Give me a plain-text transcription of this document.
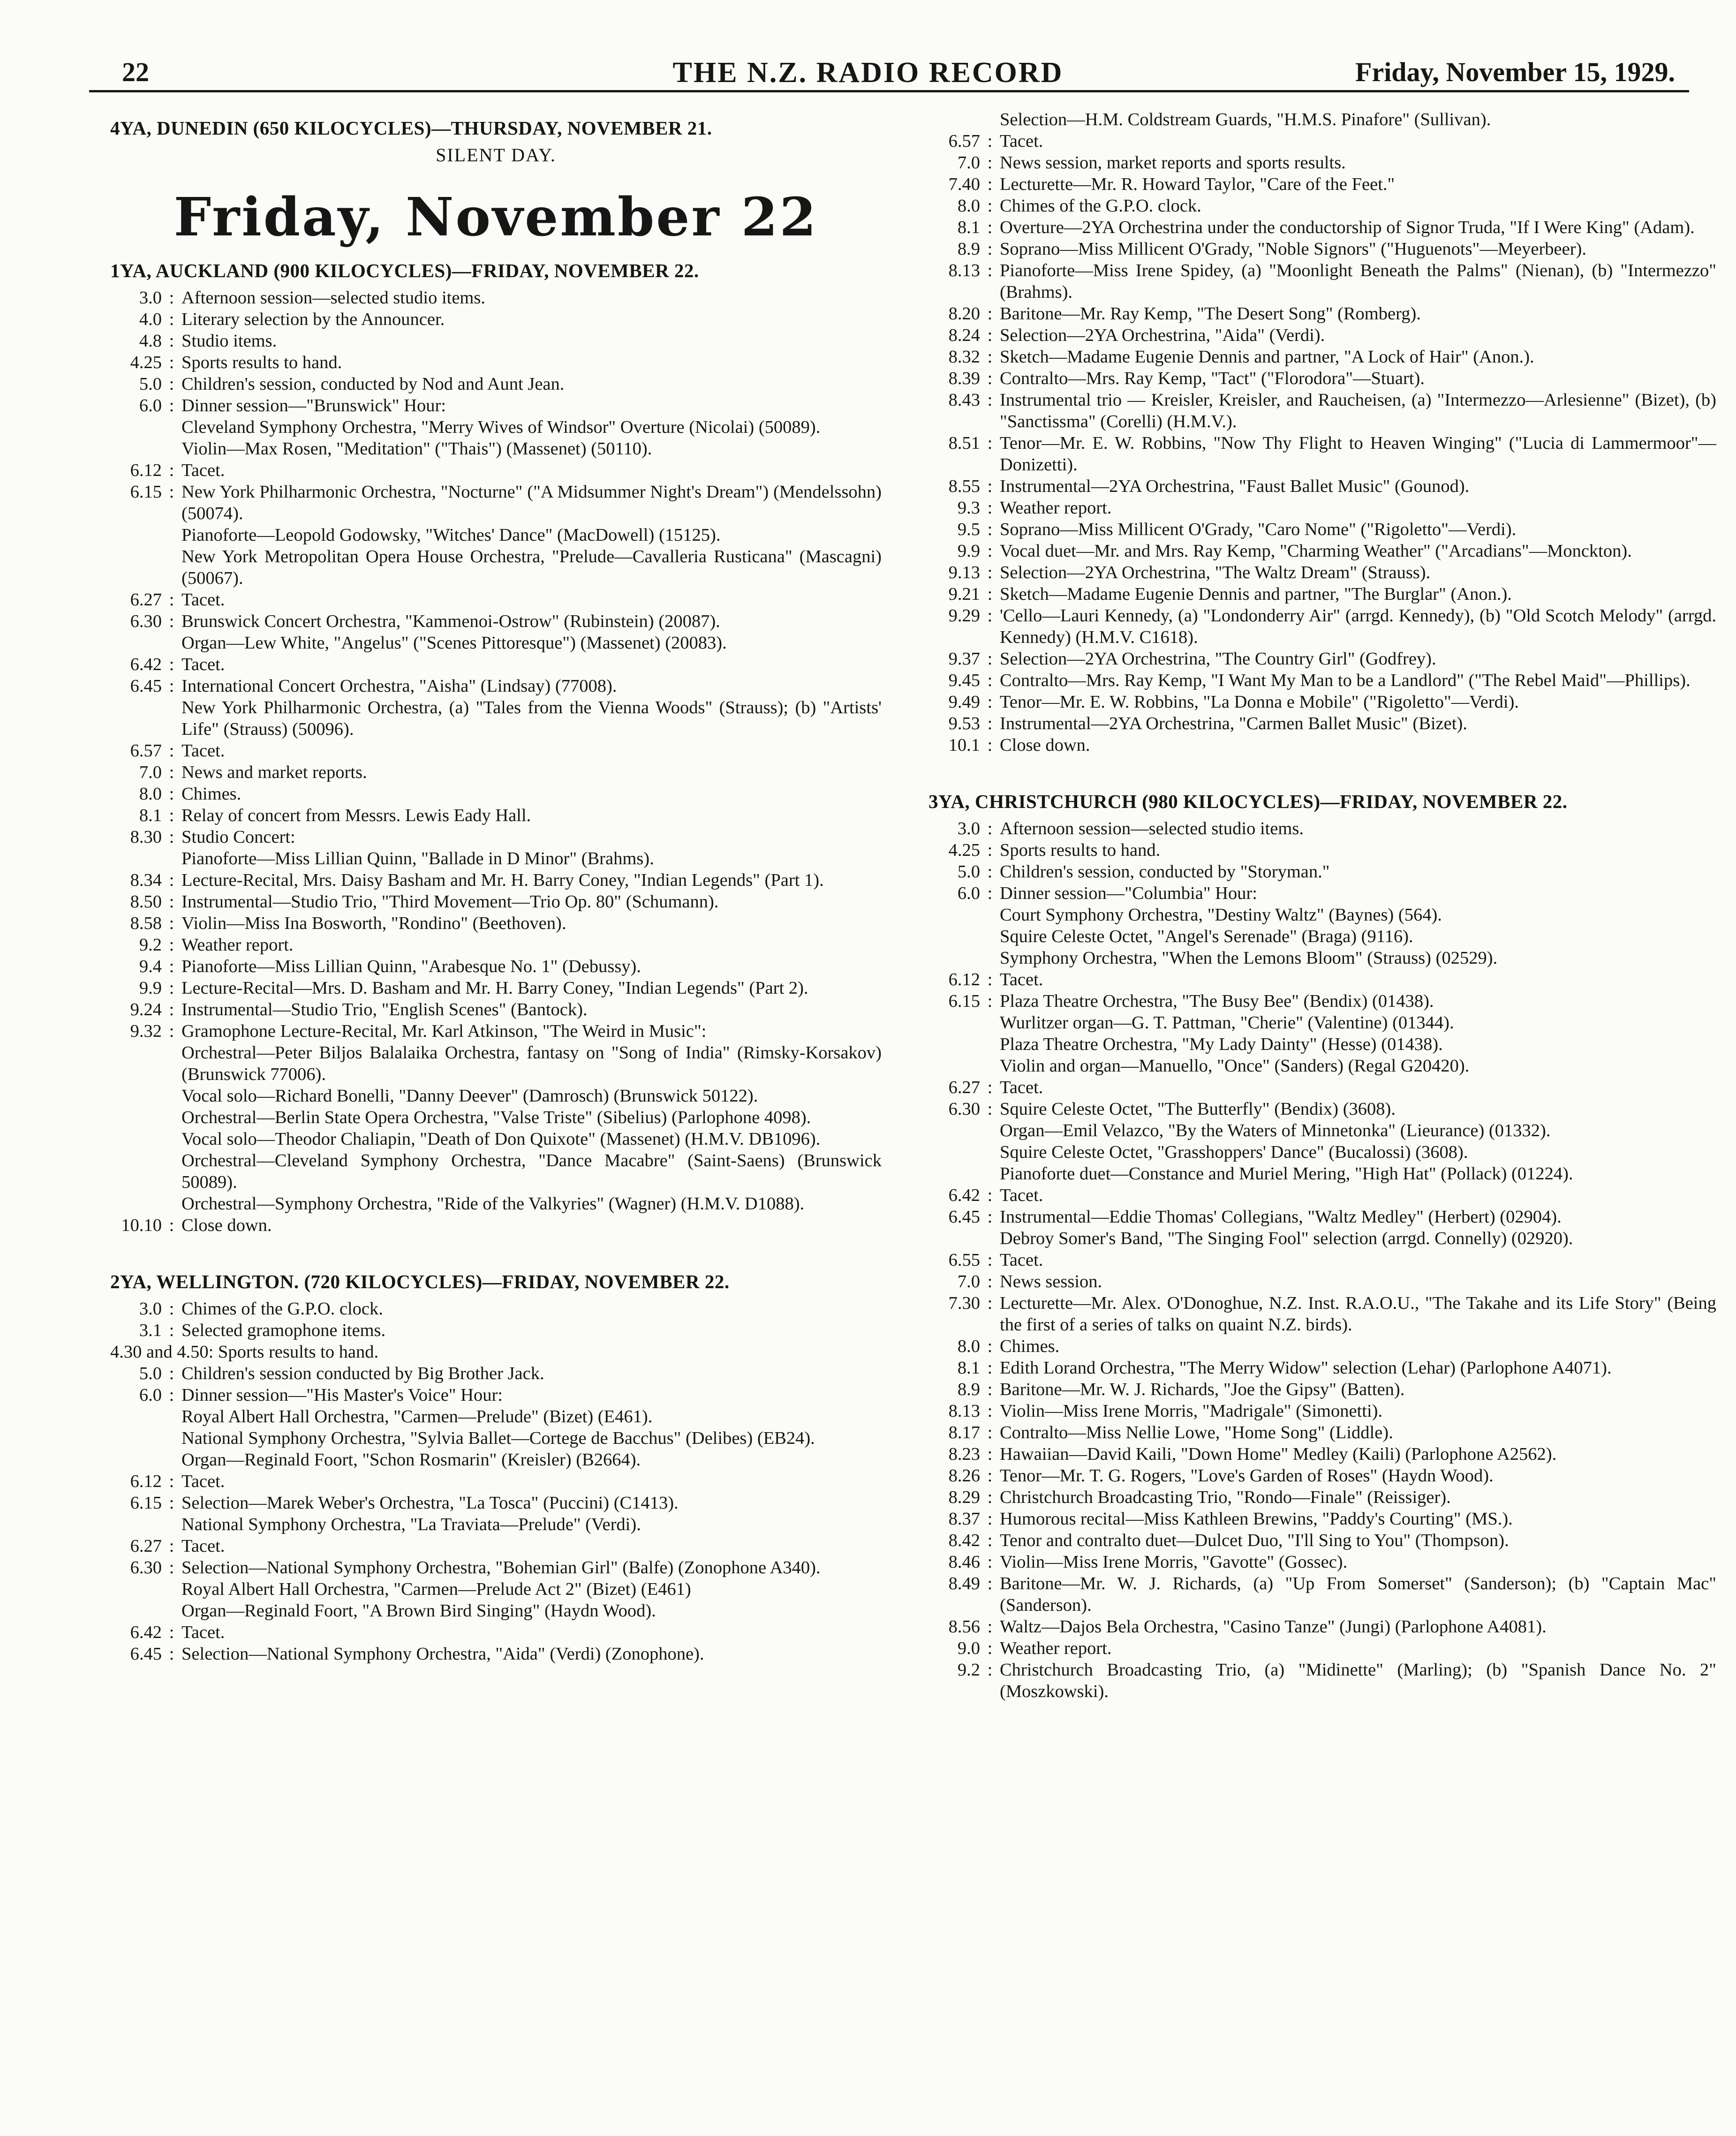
22	THE N.Z. RADIO RECORD	Friday, November 15, 1929.
4YA, DUNEDIN (650 KILOCYCLES)—THURSDAY, NOVEMBER 21.
SILENT DAY.
Friday, November 22
1YA, AUCKLAND (900 KILOCYCLES)—FRIDAY, NOVEMBER 22.
3.0 : Afternoon session—selected studio items.
4.0 : Literary selection by the Announcer.
4.8 : Studio items.
4.25 : Sports results to hand.
5.0 : Children's session, conducted by Nod and Aunt Jean.
6.0 : Dinner session—"Brunswick" Hour:
Cleveland Symphony Orchestra, "Merry Wives of Windsor" Overture (Nicolai) (50089).
Violin—Max Rosen, "Meditation" ("Thais") (Massenet) (50110).
6.12 : Tacet.
6.15 : New York Philharmonic Orchestra, "Nocturne" ("A Midsummer Night's Dream") (Mendelssohn) (50074).
Pianoforte—Leopold Godowsky, "Witches' Dance" (MacDowell) (15125).
New York Metropolitan Opera House Orchestra, "Prelude—Cavalleria Rusticana" (Mascagni) (50067).
6.27 : Tacet.
6.30 : Brunswick Concert Orchestra, "Kammenoi-Ostrow" (Rubinstein) (20087).
Organ—Lew White, "Angelus" ("Scenes Pittoresque") (Massenet) (20083).
6.42 : Tacet.
6.45 : International Concert Orchestra, "Aisha" (Lindsay) (77008).
New York Philharmonic Orchestra, (a) "Tales from the Vienna Woods" (Strauss); (b) "Artists' Life" (Strauss) (50096).
6.57 : Tacet.
7.0 : News and market reports.
8.0 : Chimes.
8.1 : Relay of concert from Messrs. Lewis Eady Hall.
8.30 : Studio Concert:
Pianoforte—Miss Lillian Quinn, "Ballade in D Minor" (Brahms).
8.34 : Lecture-Recital, Mrs. Daisy Basham and Mr. H. Barry Coney, "Indian Legends" (Part 1).
8.50 : Instrumental—Studio Trio, "Third Movement—Trio Op. 80" (Schumann).
8.58 : Violin—Miss Ina Bosworth, "Rondino" (Beethoven).
9.2 : Weather report.
9.4 : Pianoforte—Miss Lillian Quinn, "Arabesque No. 1" (Debussy).
9.9 : Lecture-Recital—Mrs. D. Basham and Mr. H. Barry Coney, "Indian Legends" (Part 2).
9.24 : Instrumental—Studio Trio, "English Scenes" (Bantock).
9.32 : Gramophone Lecture-Recital, Mr. Karl Atkinson, "The Weird in Music":
Orchestral—Peter Biljos Balalaika Orchestra, fantasy on "Song of India" (Rimsky-Korsakov) (Brunswick 77006).
Vocal solo—Richard Bonelli, "Danny Deever" (Damrosch) (Brunswick 50122).
Orchestral—Berlin State Opera Orchestra, "Valse Triste" (Sibelius) (Parlophone 4098).
Vocal solo—Theodor Chaliapin, "Death of Don Quixote" (Massenet) (H.M.V. DB1096).
Orchestral—Cleveland Symphony Orchestra, "Dance Macabre" (Saint-Saens) (Brunswick 50089).
Orchestral—Symphony Orchestra, "Ride of the Valkyries" (Wagner) (H.M.V. D1088).
10.10 : Close down.
2YA, WELLINGTON. (720 KILOCYCLES)—FRIDAY, NOVEMBER 22.
3.0 : Chimes of the G.P.O. clock.
3.1 : Selected gramophone items.
4.30 and 4.50 : Sports results to hand.
5.0 : Children's session conducted by Big Brother Jack.
6.0 : Dinner session—"His Master's Voice" Hour:
Royal Albert Hall Orchestra, "Carmen—Prelude" (Bizet) (E461).
National Symphony Orchestra, "Sylvia Ballet—Cortege de Bacchus" (Delibes) (EB24).
Organ—Reginald Foort, "Schon Rosmarin" (Kreisler) (B2664).
6.12 : Tacet.
6.15 : Selection—Marek Weber's Orchestra, "La Tosca" (Puccini) (C1413).
National Symphony Orchestra, "La Traviata—Prelude" (Verdi).
6.27 : Tacet.
6.30 : Selection—National Symphony Orchestra, "Bohemian Girl" (Balfe) (Zonophone A340).
Royal Albert Hall Orchestra, "Carmen—Prelude Act 2" (Bizet) (E461)
Organ—Reginald Foort, "A Brown Bird Singing" (Haydn Wood).
6.42 : Tacet.
6.45 : Selection—National Symphony Orchestra, "Aida" (Verdi) (Zonophone).
Selection—H.M. Coldstream Guards, "H.M.S. Pinafore" (Sullivan).
6.57 : Tacet.
7.0 : News session, market reports and sports results.
7.40 : Lecturette—Mr. R. Howard Taylor, "Care of the Feet."
8.0 : Chimes of the G.P.O. clock.
8.1 : Overture—2YA Orchestrina under the conductorship of Signor Truda, "If I Were King" (Adam).
8.9 : Soprano—Miss Millicent O'Grady, "Noble Signors" ("Huguenots"—Meyerbeer).
8.13 : Pianoforte—Miss Irene Spidey, (a) "Moonlight Beneath the Palms" (Nienan), (b) "Intermezzo" (Brahms).
8.20 : Baritone—Mr. Ray Kemp, "The Desert Song" (Romberg).
8.24 : Selection—2YA Orchestrina, "Aida" (Verdi).
8.32 : Sketch—Madame Eugenie Dennis and partner, "A Lock of Hair" (Anon.).
8.39 : Contralto—Mrs. Ray Kemp, "Tact" ("Florodora"—Stuart).
8.43 : Instrumental trio — Kreisler, Kreisler, and Raucheisen, (a) "Intermezzo—Arlesienne" (Bizet), (b) "Sanctissma" (Corelli) (H.M.V.).
8.51 : Tenor—Mr. E. W. Robbins, "Now Thy Flight to Heaven Winging" ("Lucia di Lammermoor"—Donizetti).
8.55 : Instrumental—2YA Orchestrina, "Faust Ballet Music" (Gounod).
9.3 : Weather report.
9.5 : Soprano—Miss Millicent O'Grady, "Caro Nome" ("Rigoletto"—Verdi).
9.9 : Vocal duet—Mr. and Mrs. Ray Kemp, "Charming Weather" ("Arcadians"—Monckton).
9.13 : Selection—2YA Orchestrina, "The Waltz Dream" (Strauss).
9.21 : Sketch—Madame Eugenie Dennis and partner, "The Burglar" (Anon.).
9.29 : 'Cello—Lauri Kennedy, (a) "Londonderry Air" (arrgd. Kennedy), (b) "Old Scotch Melody" (arrgd. Kennedy) (H.M.V. C1618).
9.37 : Selection—2YA Orchestrina, "The Country Girl" (Godfrey).
9.45 : Contralto—Mrs. Ray Kemp, "I Want My Man to be a Landlord" ("The Rebel Maid"—Phillips).
9.49 : Tenor—Mr. E. W. Robbins, "La Donna e Mobile" ("Rigoletto"—Verdi).
9.53 : Instrumental—2YA Orchestrina, "Carmen Ballet Music" (Bizet).
10.1 : Close down.
3YA, CHRISTCHURCH (980 KILOCYCLES)—FRIDAY, NOVEMBER 22.
3.0 : Afternoon session—selected studio items.
4.25 : Sports results to hand.
5.0 : Children's session, conducted by "Storyman."
6.0 : Dinner session—"Columbia" Hour:
Court Symphony Orchestra, "Destiny Waltz" (Baynes) (564).
Squire Celeste Octet, "Angel's Serenade" (Braga) (9116).
Symphony Orchestra, "When the Lemons Bloom" (Strauss) (02529).
6.12 : Tacet.
6.15 : Plaza Theatre Orchestra, "The Busy Bee" (Bendix) (01438).
Wurlitzer organ—G. T. Pattman, "Cherie" (Valentine) (01344).
Plaza Theatre Orchestra, "My Lady Dainty" (Hesse) (01438).
Violin and organ—Manuello, "Once" (Sanders) (Regal G20420).
6.27 : Tacet.
6.30 : Squire Celeste Octet, "The Butterfly" (Bendix) (3608).
Organ—Emil Velazco, "By the Waters of Minnetonka" (Lieurance) (01332).
Squire Celeste Octet, "Grasshoppers' Dance" (Bucalossi) (3608).
Pianoforte duet—Constance and Muriel Mering, "High Hat" (Pollack) (01224).
6.42 : Tacet.
6.45 : Instrumental—Eddie Thomas' Collegians, "Waltz Medley" (Herbert) (02904).
Debroy Somer's Band, "The Singing Fool" selection (arrgd. Connelly) (02920).
6.55 : Tacet.
7.0 : News session.
7.30 : Lecturette—Mr. Alex. O'Donoghue, N.Z. Inst. R.A.O.U., "The Takahe and its Life Story" (Being the first of a series of talks on quaint N.Z. birds).
8.0 : Chimes.
8.1 : Edith Lorand Orchestra, "The Merry Widow" selection (Lehar) (Parlophone A4071).
8.9 : Baritone—Mr. W. J. Richards, "Joe the Gipsy" (Batten).
8.13 : Violin—Miss Irene Morris, "Madrigale" (Simonetti).
8.17 : Contralto—Miss Nellie Lowe, "Home Song" (Liddle).
8.23 : Hawaiian—David Kaili, "Down Home" Medley (Kaili) (Parlophone A2562).
8.26 : Tenor—Mr. T. G. Rogers, "Love's Garden of Roses" (Haydn Wood).
8.29 : Christchurch Broadcasting Trio, "Rondo—Finale" (Reissiger).
8.37 : Humorous recital—Miss Kathleen Brewins, "Paddy's Courting" (MS.).
8.42 : Tenor and contralto duet—Dulcet Duo, "I'll Sing to You" (Thompson).
8.46 : Violin—Miss Irene Morris, "Gavotte" (Gossec).
8.49 : Baritone—Mr. W. J. Richards, (a) "Up From Somerset" (Sanderson); (b) "Captain Mac" (Sanderson).
8.56 : Waltz—Dajos Bela Orchestra, "Casino Tanze" (Jungi) (Parlophone A4081).
9.0 : Weather report.
9.2 : Christchurch Broadcasting Trio, (a) "Midinette" (Marling); (b) "Spanish Dance No. 2" (Moszkowski).
